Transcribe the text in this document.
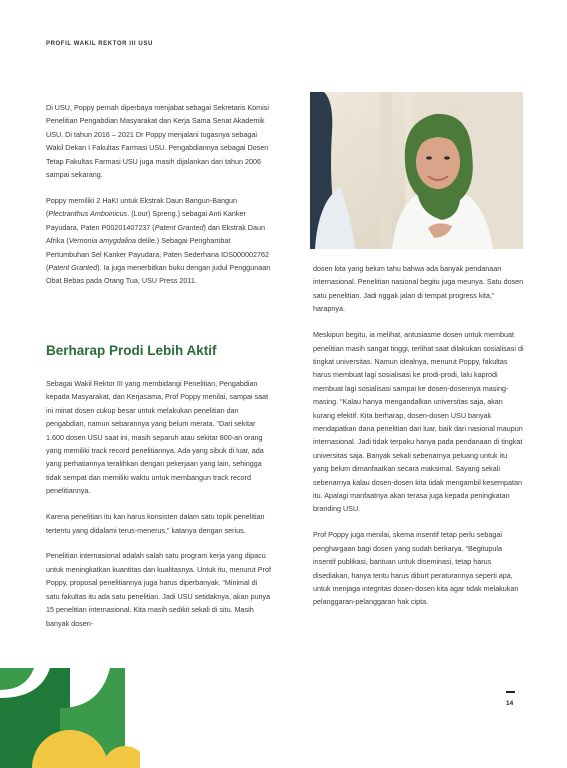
PROFIL WAKIL REKTOR III USU

Di USU, Poppy pernah diperbaya menjabat sebagai Sekretaris Komisi Penelitian Pengabdian Masyarakat dan Kerja Sama Senat Akademik USU. Di tahun 2016 – 2021 Dr Poppy menjalani tugasnya sebagai Wakil Dekan I Fakultas Farmasi USU. Pengabdiannya sebagai Dosen Tetap Fakultas Farmasi USU juga masih dijalankan dari tahun 2006 sampai sekarang.

Poppy memiliki 2 HaKI untuk Ekstrak Daun Bangun-Bangun (Plectranthus Amboinicus. (Lour) Spreng.) sebagai Anti Kanker Payudara, Paten P00201407237 (Patent Granted) dan Ekstrak Daun Afrika (Vernonia amygdalina delile.) Sebagai Penghambat Pertumbuhan Sel Kanker Payudara, Paten Sederhana IDS000002762 (Patent Granted). Ia juga menerbitkan buku dengan judul Penggunaan Obat Bebas pada Orang Tua, USU Press 2011.

Berharap Prodi Lebih Aktif

Sebagai Wakil Rektor III yang membidangi Penelitian, Pengabdian kepada Masyarakat, dan Kerjasama, Prof Poppy menilai, sampai saat ini minat dosen cukup besar untuk melakukan penelitian dan pengabdian, namun sebarannya yang belum merata. “Dari sekitar 1.600 dosen USU saat ini, masih separuh atau sekitar 800-an orang yang memiliki track record penelitiannya. Ada yang sibuk di luar, ada yang perhatiannya teralihkan dengan pekerjaan yang lain, sehingga tidak sempat dan memiliki waktu untuk membangun track record penelitiannya.

Karena penelitian itu kan harus konsisten dalam satu topik penelitian tertentu yang didalami terus-menerus,” katanya dengan serius.

Penelitian internasional adalah salah satu program kerja yang dipacu untuk meningkatkan kuantitas dan kualitasnya. Untuk itu, menurut Prof Poppy, proposal penelitiannya juga harus diperbanyak. “Minimal di satu fakultas itu ada satu penelitian. Jadi USU setidaknya, akan punya 15 penelitian internasional. Kita masih sedikit sekali di situ. Masih banyak dosen-

dosen kita yang belum tahu bahwa ada banyak pendanaan internasional. Penelitian nasional begitu juga meunya. Satu dosen satu penelitian. Jadi nggak jalan di tempat progress kita,” harapnya.

Meskipun begitu, ia melihat, antusiasme dosen untuk membuat penelitian masih sangat tinggi, terlihat saat dilakukan sosialisasi di tingkat universitas. Namun idealnya, menurut Poppy, fakultas harus membuat lagi sosialisasi ke prodi-prodi, lalu kaprodi membuat lagi sosialisasi sampai ke dosen-dosennya masing-masing. “Kalau hanya mengandalkan universitas saja, akan kurang efektif. Kita berharap, dosen-dosen USU banyak mendapatkan dana penelitian dari luar, baik dari nasional maupun internasional. Jadi tidak terpaku hanya pada pendanaan di tingkat universitas saja. Banyak sekali sebenarnya peluang untuk itu yang belum dimanfaatkan secara maksimal. Sayang sekali sebenarnya kalau dosen-dosen kita tidak mengambil kesempatan itu. Apalagi manfaatnya akan terasa juga kepada peningkatan branding USU.

Prof Poppy juga menilai, skema insentif tetap perlu sebagai penghargaan bagi dosen yang sudah berkarya. “Begitupula insentif publikasi, bantuan untuk diseminasi, tetap harus disediakan, hanya tentu harus diburt peraturannya seperti apa, untuk menjaga integritas dosen-dosen kita agar tidak melakukan pelanggaran-pelanggaran hak cipta.

14
